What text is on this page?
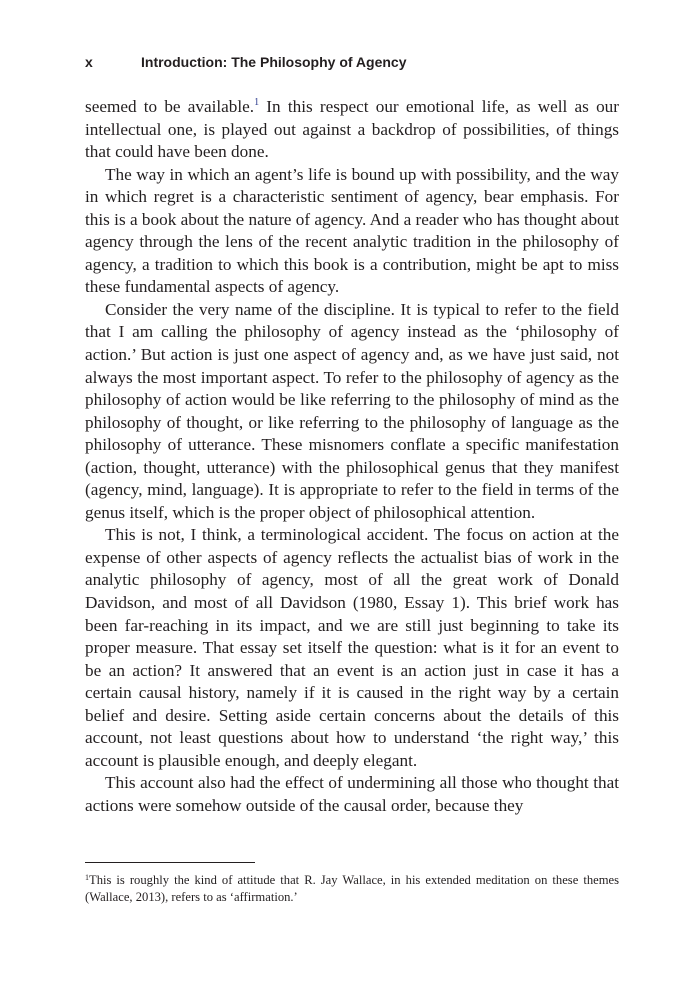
x	Introduction: The Philosophy of Agency

seemed to be available.$^1$ In this respect our emotional life, as well as our intellectual one, is played out against a backdrop of possibilities, of things that could have been done.

The way in which an agent’s life is bound up with possibility, and the way in which regret is a characteristic sentiment of agency, bear emphasis. For this is a book about the nature of agency. And a reader who has thought about agency through the lens of the recent analytic tradition in the philosophy of agency, a tradition to which this book is a contribution, might be apt to miss these fundamental aspects of agency.

Consider the very name of the discipline. It is typical to refer to the field that I am calling the philosophy of agency instead as the ‘philosophy of action.’ But action is just one aspect of agency and, as we have just said, not always the most important aspect. To refer to the philosophy of agency as the philosophy of action would be like referring to the philosophy of mind as the philosophy of thought, or like referring to the philosophy of language as the philosophy of utterance. These misnomers conflate a specific manifestation (action, thought, utterance) with the philosophical genus that they manifest (agency, mind, language). It is appropriate to refer to the field in terms of the genus itself, which is the proper object of philosophical attention.

This is not, I think, a terminological accident. The focus on action at the expense of other aspects of agency reflects the actualist bias of work in the analytic philosophy of agency, most of all the great work of Donald Davidson, and most of all Davidson (1980, Essay 1). This brief work has been far-reaching in its impact, and we are still just beginning to take its proper measure. That essay set itself the question: what is it for an event to be an action? It answered that an event is an action just in case it has a certain causal history, namely if it is caused in the right way by a certain belief and desire. Setting aside certain concerns about the details of this account, not least questions about how to understand ‘the right way,’ this account is plausible enough, and deeply elegant.

This account also had the effect of undermining all those who thought that actions were somehow outside of the causal order, because they

$^1$This is roughly the kind of attitude that R. Jay Wallace, in his extended meditation on these themes (Wallace, 2013), refers to as ‘affirmation.’
